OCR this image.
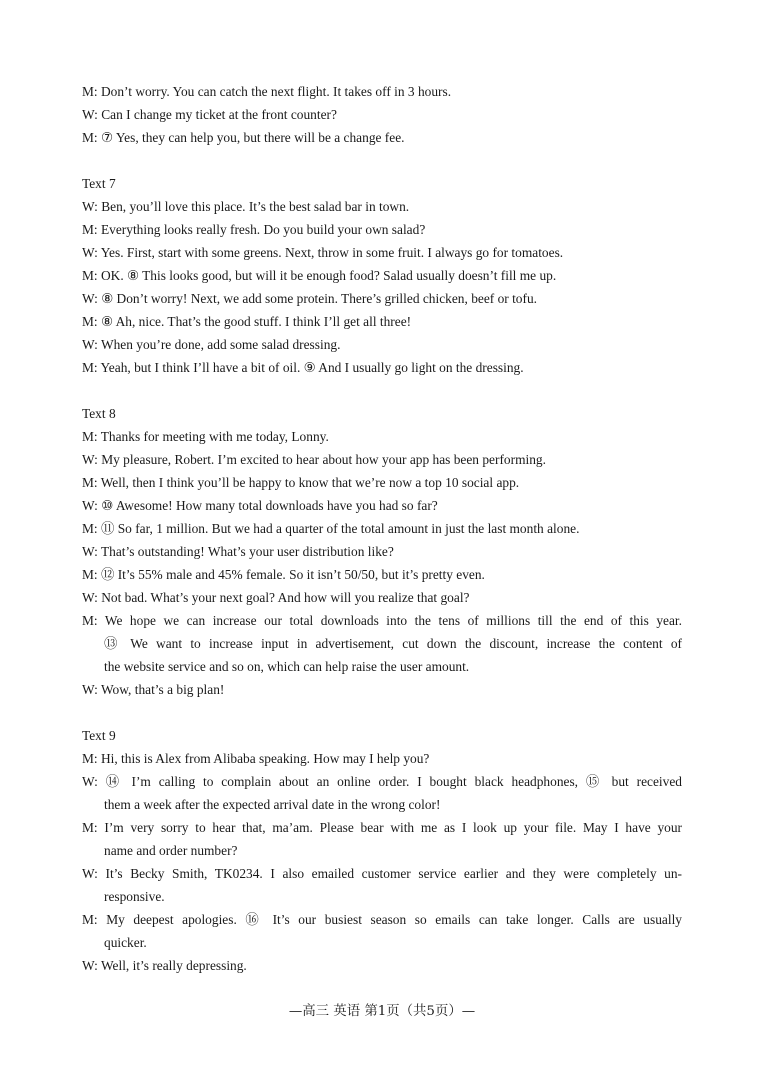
M: Don’t worry. You can catch the next flight. It takes off in 3 hours.
W: Can I change my ticket at the front counter?
M: ⑦ Yes, they can help you, but there will be a change fee.
Text 7
W: Ben, you’ll love this place. It’s the best salad bar in town.
M: Everything looks really fresh. Do you build your own salad?
W: Yes. First, start with some greens. Next, throw in some fruit. I always go for tomatoes.
M: OK. ⑧ This looks good, but will it be enough food? Salad usually doesn’t fill me up.
W: ⑧ Don’t worry! Next, we add some protein. There’s grilled chicken, beef or tofu.
M: ⑧ Ah, nice. That’s the good stuff. I think I’ll get all three!
W: When you’re done, add some salad dressing.
M: Yeah, but I think I’ll have a bit of oil. ⑨ And I usually go light on the dressing.
Text 8
M: Thanks for meeting with me today, Lonny.
W: My pleasure, Robert. I’m excited to hear about how your app has been performing.
M: Well, then I think you’ll be happy to know that we’re now a top 10 social app.
W: ⑩ Awesome! How many total downloads have you had so far?
M: ⑪ So far, 1 million. But we had a quarter of the total amount in just the last month alone.
W: That’s outstanding! What’s your user distribution like?
M: ⑫ It’s 55% male and 45% female. So it isn’t 50/50, but it’s pretty even.
W: Not bad. What’s your next goal? And how will you realize that goal?
M: We hope we can increase our total downloads into the tens of millions till the end of this year.
⑬ We want to increase input in advertisement, cut down the discount, increase the content of
the website service and so on, which can help raise the user amount.
W: Wow, that’s a big plan!
Text 9
M: Hi, this is Alex from Alibaba speaking. How may I help you?
W: ⑭ I’m calling to complain about an online order. I bought black headphones, ⑮ but received
them a week after the expected arrival date in the wrong color!
M: I’m very sorry to hear that, ma’am. Please bear with me as I look up your file. May I have your
name and order number?
W: It’s Becky Smith, TK0234. I also emailed customer service earlier and they were completely un-
responsive.
M: My deepest apologies. ⑯ It’s our busiest season so emails can take longer. Calls are usually
quicker.
W: Well, it’s really depressing.
—高三 英语 第1页（共5页）—
